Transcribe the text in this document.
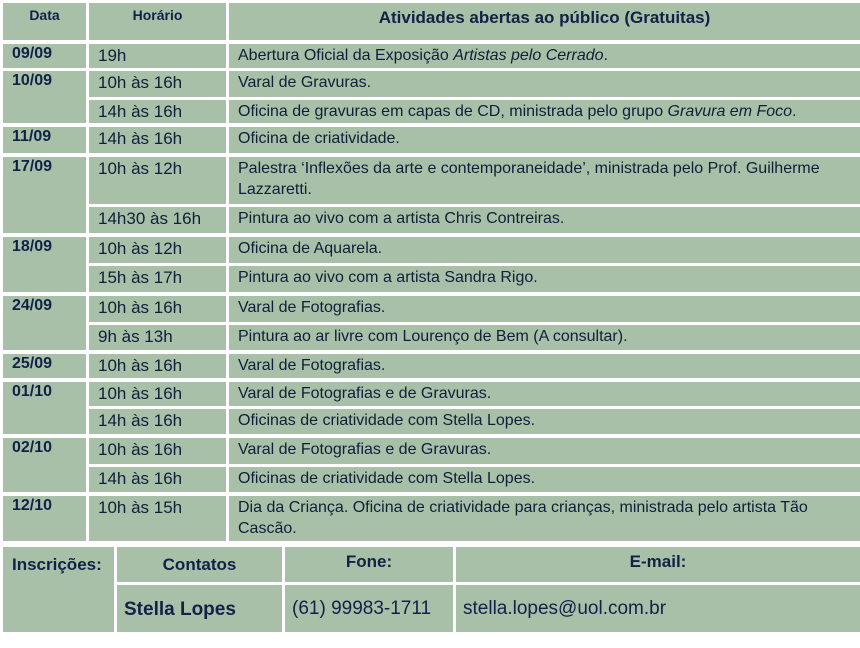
Data	Horário	Atividades abertas ao público (Gratuitas)
09/09	19h	Abertura Oficial da Exposição Artistas pelo Cerrado.
10/09	10h às 16h	Varal de Gravuras.
	14h às 16h	Oficina de gravuras em capas de CD, ministrada pelo grupo Gravura em Foco.
11/09	14h às 16h	Oficina de criatividade.
17/09	10h às 12h	Palestra ‘Inflexões da arte e contemporaneidade’, ministrada pelo Prof. Guilherme Lazzaretti.
	14h30 às 16h	Pintura ao vivo com a artista Chris Contreiras.
18/09	10h às 12h	Oficina de Aquarela.
	15h às 17h	Pintura ao vivo com a artista Sandra Rigo.
24/09	10h às 16h	Varal de Fotografias.
	9h às 13h	Pintura ao ar livre com Lourenço de Bem (A consultar).
25/09	10h às 16h	Varal de Fotografias.
01/10	10h às 16h	Varal de Fotografias e de Gravuras.
	14h às 16h	Oficinas de criatividade com Stella Lopes.
02/10	10h às 16h	Varal de Fotografias e de Gravuras.
	14h às 16h	Oficinas de criatividade com Stella Lopes.
12/10	10h às 15h	Dia da Criança. Oficina de criatividade para crianças, ministrada pelo artista Tão Cascão.
Inscrições:	Contatos	Fone:	E-mail:
	Stella Lopes	(61) 99983-1711	stella.lopes@uol.com.br
